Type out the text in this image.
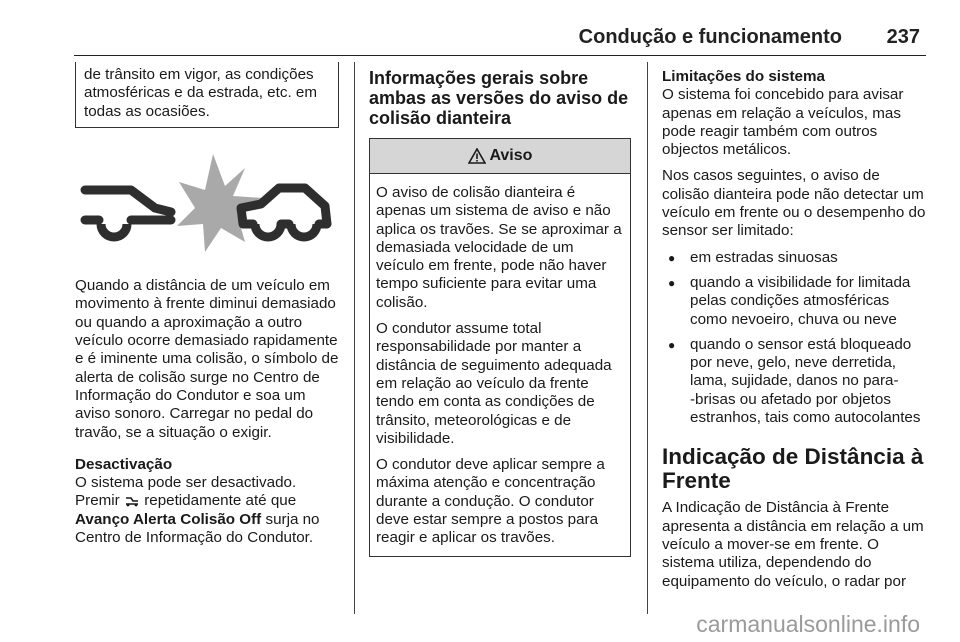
Condução e funcionamento 237
de trânsito em vigor, as condições atmosféricas e da estrada, etc. em todas as ocasiões.

Quando a distância de um veículo em movimento à frente diminui demasiado ou quando a aproximação a outro veículo ocorre demasiado rapidamente e é iminente uma colisão, o símbolo de alerta de colisão surge no Centro de Informação do Condutor e soa um aviso sonoro. Carregar no pedal do travão, se a situação o exigir.

Desactivação
O sistema pode ser desactivado.
Premir repetidamente até que
Avanço Alerta Colisão Off surja no Centro de Informação do Condutor.

Informações gerais sobre ambas as versões do aviso de colisão dianteira
Aviso

O aviso de colisão dianteira é apenas um sistema de aviso e não aplica os travões. Se se aproximar a demasiada velocidade de um veículo em frente, pode não haver tempo suficiente para evitar uma colisão.

O condutor assume total responsabilidade por manter a distância de seguimento adequada em relação ao veículo da frente tendo em conta as condições de trânsito, meteorológicas e de visibilidade.

O condutor deve aplicar sempre a máxima atenção e concentração durante a condução. O condutor deve estar sempre a postos para reagir e aplicar os travões.

Limitações do sistema
O sistema foi concebido para avisar apenas em relação a veículos, mas pode reagir também com outros objectos metálicos.

Nos casos seguintes, o aviso de colisão dianteira pode não detectar um veículo em frente ou o desempenho do sensor ser limitado:

● em estradas sinuosas
● quando a visibilidade for limitada pelas condições atmosféricas como nevoeiro, chuva ou neve
● quando o sensor está bloqueado por neve, gelo, neve derretida, lama, sujidade, danos no para-‑brisas ou afetado por objetos estranhos, tais como autocolantes
Indicação de Distância à Frente

A Indicação de Distância à Frente apresenta a distância em relação a um veículo a mover-se em frente. O sistema utiliza, dependendo do equipamento do veículo, o radar por

carmanualsonline.info
